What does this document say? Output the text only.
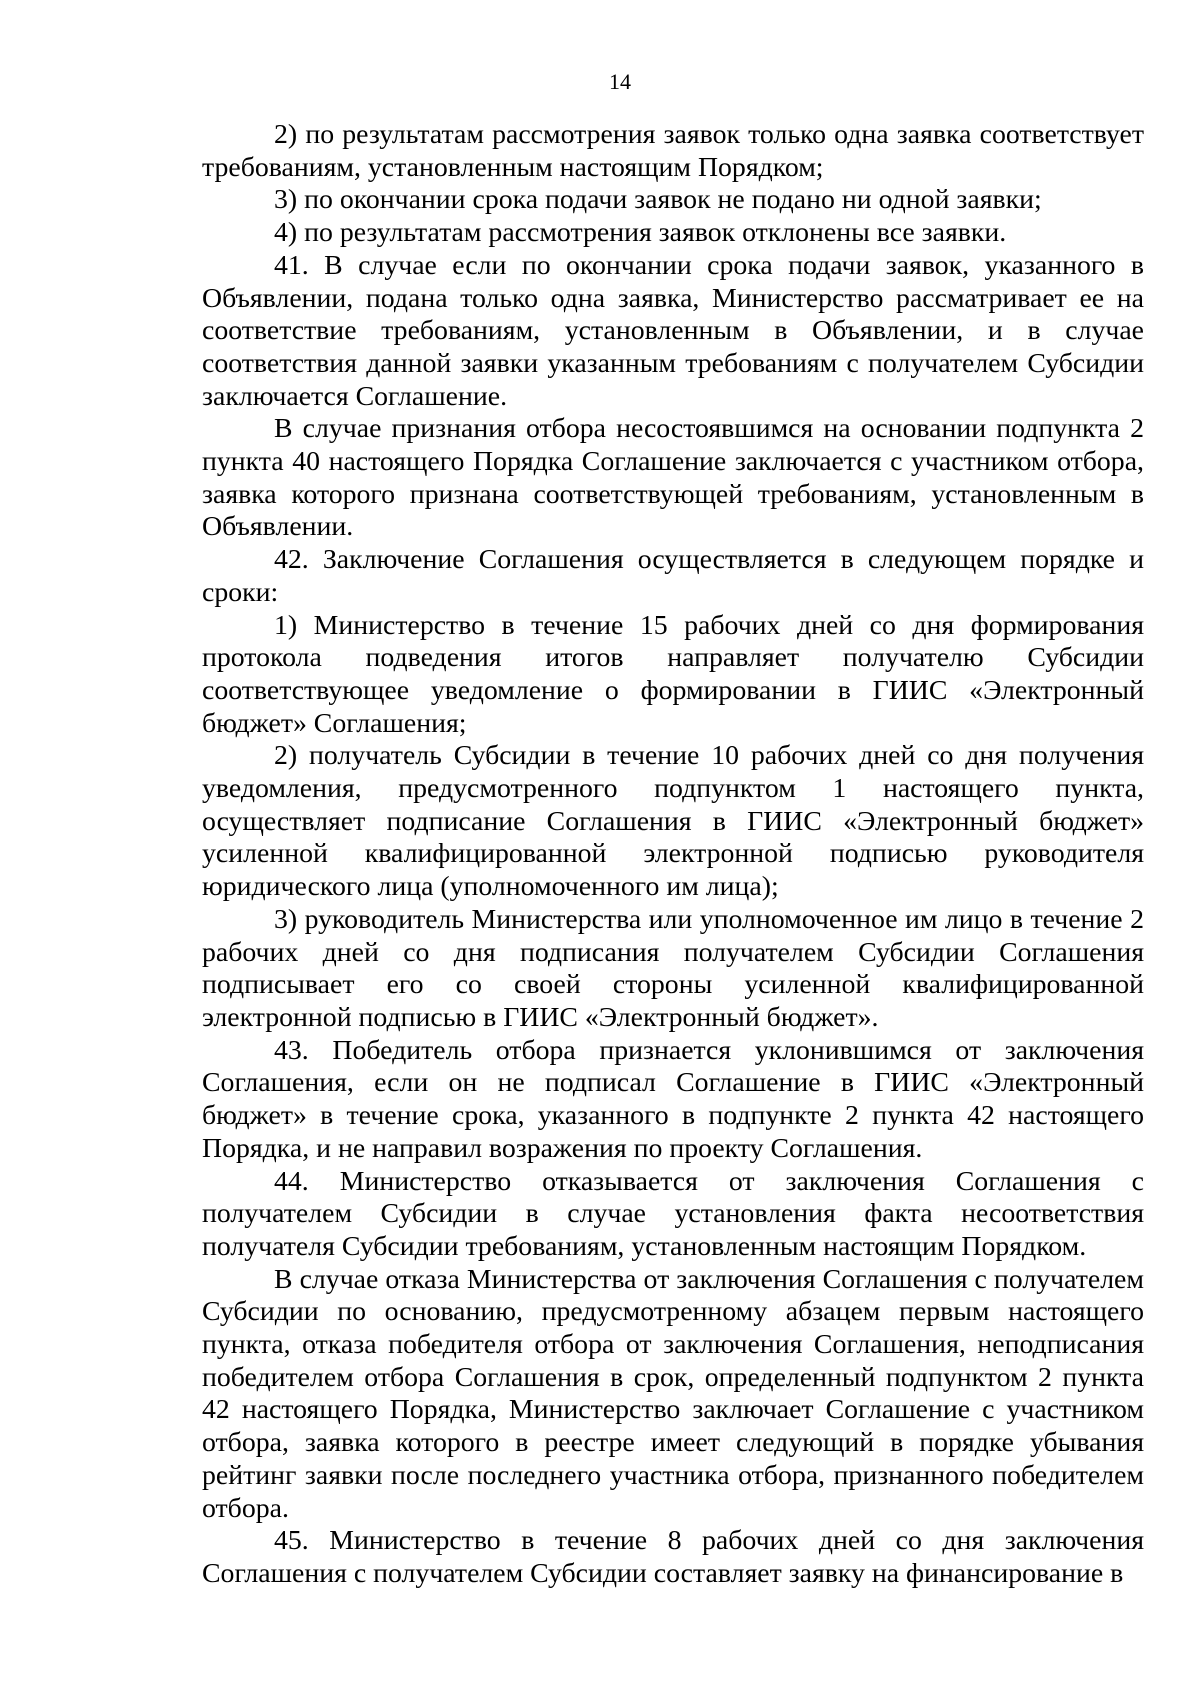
14

2) по результатам рассмотрения заявок только одна заявка соответствует требованиям, установленным настоящим Порядком;

3) по окончании срока подачи заявок не подано ни одной заявки;

4) по результатам рассмотрения заявок отклонены все заявки.

41. В случае если по окончании срока подачи заявок, указанного в Объявлении, подана только одна заявка, Министерство рассматривает ее на соответствие требованиям, установленным в Объявлении, и в случае соответствия данной заявки указанным требованиям с получателем Субсидии заключается Соглашение.

В случае признания отбора несостоявшимся на основании подпункта 2 пункта 40 настоящего Порядка Соглашение заключается с участником отбора, заявка которого признана соответствующей требованиям, установленным в Объявлении.

42. Заключение Соглашения осуществляется в следующем порядке и сроки:

1) Министерство в течение 15 рабочих дней со дня формирования протокола подведения итогов направляет получателю Субсидии соответствующее уведомление о формировании в ГИИС «Электронный бюджет» Соглашения;

2) получатель Субсидии в течение 10 рабочих дней со дня получения уведомления, предусмотренного подпунктом 1 настоящего пункта, осуществляет подписание Соглашения в ГИИС «Электронный бюджет» усиленной квалифицированной электронной подписью руководителя юридического лица (уполномоченного им лица);

3) руководитель Министерства или уполномоченное им лицо в течение 2 рабочих дней со дня подписания получателем Субсидии Соглашения подписывает его со своей стороны усиленной квалифицированной электронной подписью в ГИИС «Электронный бюджет».

43. Победитель отбора признается уклонившимся от заключения Соглашения, если он не подписал Соглашение в ГИИС «Электронный бюджет» в течение срока, указанного в подпункте 2 пункта 42 настоящего Порядка, и не направил возражения по проекту Соглашения.

44. Министерство отказывается от заключения Соглашения с получателем Субсидии в случае установления факта несоответствия получателя Субсидии требованиям, установленным настоящим Порядком.

В случае отказа Министерства от заключения Соглашения с получателем Субсидии по основанию, предусмотренному абзацем первым настоящего пункта, отказа победителя отбора от заключения Соглашения, неподписания победителем отбора Соглашения в срок, определенный подпунктом 2 пункта 42 настоящего Порядка, Министерство заключает Соглашение с участником отбора, заявка которого в реестре имеет следующий в порядке убывания рейтинг заявки после последнего участника отбора, признанного победителем отбора.

45. Министерство в течение 8 рабочих дней со дня заключения Соглашения с получателем Субсидии составляет заявку на финансирование в
